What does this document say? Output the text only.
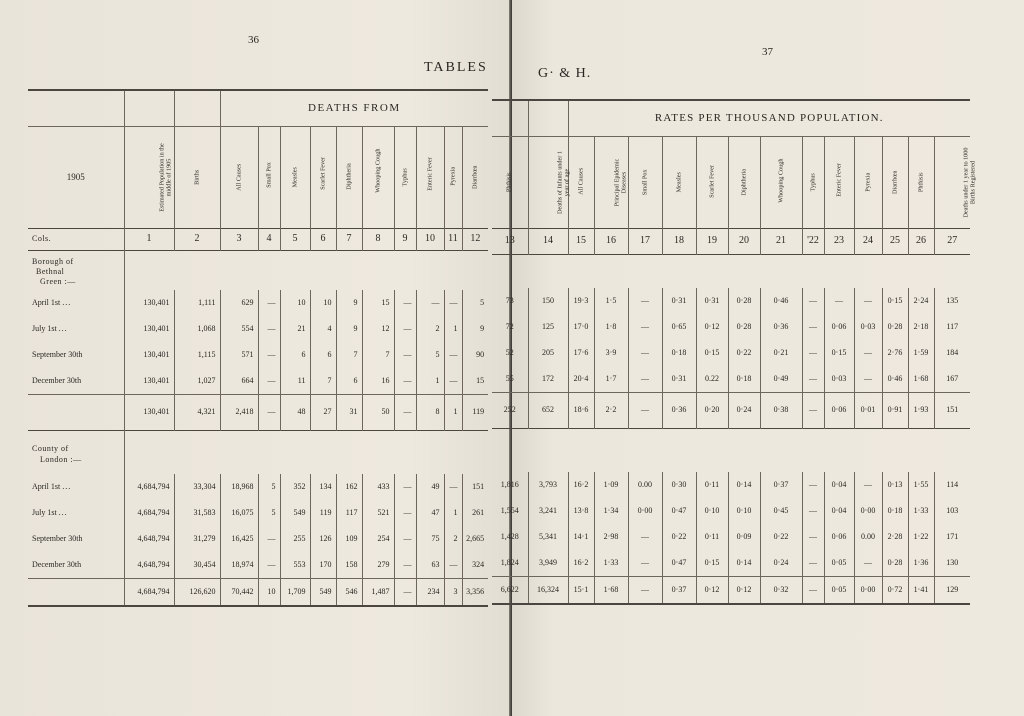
36
TABLES
			DEATHS FROM									
1905	Estimated Population in the middle of 1905	Births	All Causes	Small Pox	Measles	Scarlet Fever	Diphtheria	Whooping Cough	Typhus	Enteric Fever	Pyrexia	Diarrhœa

Cols.	1	2	3	4	5	6	7	8	9	10	11	12
Borough of
Bethnal
Green :—												
April 1st ...	130,401	1,111	629	—	10	10	9	15	—	—	—	5
July 1st ...	130,401	1,068	554	—	21	4	9	12	—	2	1	9
September 30th	130,401	1,115	571	—	6	6	7	7	—	5	—	90
December 30th	130,401	1,027	664	—	11	7	6	16	—	1	—	15
	130,401	4,321	2,418	—	48	27	31	50	—	8	1	119
County of
London :—												
April 1st ...	4,684,794	33,304	18,968	5	352	134	162	433	—	49	—	151
July 1st ...	4,684,794	31,583	16,075	5	549	119	117	521	—	47	1	261
September 30th	4,648,794	31,279	16,425	—	255	126	109	254	—	75	2	2,665
December 30th	4,648,794	30,454	18,974	—	553	170	158	279	—	63	—	324
	4,684,794	126,620	70,442	10	1,709	549	546	1,487	—	234	3	3,356
37
G· & H.
		RATES PER THOUSAND POPULATION.												

Phthisis	Deaths of Infants under 1 year of age	All Causes	Principal Epidemic Diseases	Small Pox	Measles	Scarlet Fever	Diphtheria	Whooping Cough	Typhus	Enteric Fever	Pyrexia	Diarrhœa	Phthisis	Deaths under 1 year to 1000 Births Registered

13	14	15	16	17	18	19	20	21	'22	23	24	25	26	27

73	150	19·3	1·5	—	0·31	0·31	0·28	0·46	—	—	—	0·15	2·24	135
72	125	17·0	1·8	—	0·65	0·12	0·28	0·36	—	0·06	0·03	0·28	2·18	117
52	205	17·6	3·9	—	0·18	0·15	0·22	0·21	—	0·15	—	2·76	1·59	184
55	172	20·4	1·7	—	0·31	0.22	0·18	0·49	—	0·03	—	0·46	1·68	167
252	652	18·6	2·2	—	0·36	0·20	0·24	0·38	—	0·06	0·01	0·91	1·93	151

1,816	3,793	16·2	1·09	0.00	0·30	0·11	0·14	0·37	—	0·04	—	0·13	1·55	114
1,554	3,241	13·8	1·34	0·00	0·47	0·10	0·10	0·45	—	0·04	0·00	0·18	1·33	103
1,428	5,341	14·1	2·98	—	0·22	0·11	0·09	0·22	—	0·06	0.00	2·28	1·22	171
1,824	3,949	16·2	1·33	—	0·47	0·15	0·14	0·24	—	0·05	—	0·28	1·36	130
6,622	16,324	15·1	1·68	—	0·37	0·12	0·12	0·32	—	0·05	0·00	0·72	1·41	129
